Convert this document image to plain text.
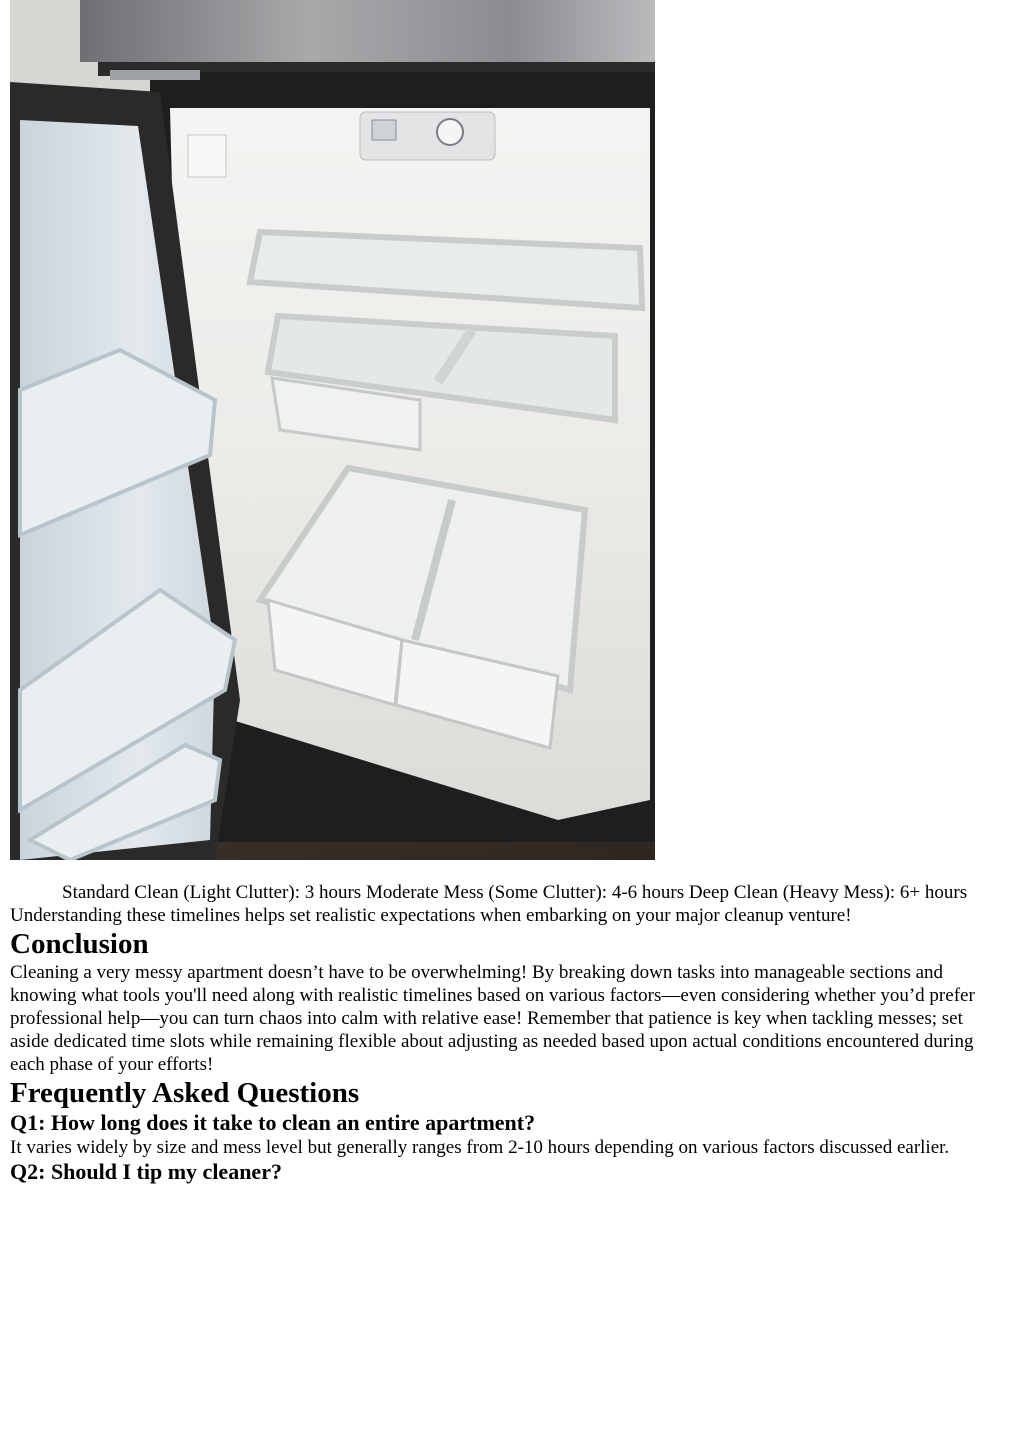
Standard Clean (Light Clutter): 3 hours Moderate Mess (Some Clutter): 4-6 hours Deep Clean (Heavy Mess): 6+ hours

Understanding these timelines helps set realistic expectations when embarking on your major cleanup venture!

Conclusion

Cleaning a very messy apartment doesn’t have to be overwhelming! By breaking down tasks into manageable sections and knowing what tools you'll need along with realistic timelines based on various factors—even considering whether you’d prefer professional help—you can turn chaos into calm with relative ease! Remember that patience is key when tackling messes; set aside dedicated time slots while remaining flexible about adjusting as needed based upon actual conditions encountered during each phase of your efforts!

Frequently Asked Questions
Q1: How long does it take to clean an entire apartment?

It varies widely by size and mess level but generally ranges from 2-10 hours depending on various factors discussed earlier.

Q2: Should I tip my cleaner?
